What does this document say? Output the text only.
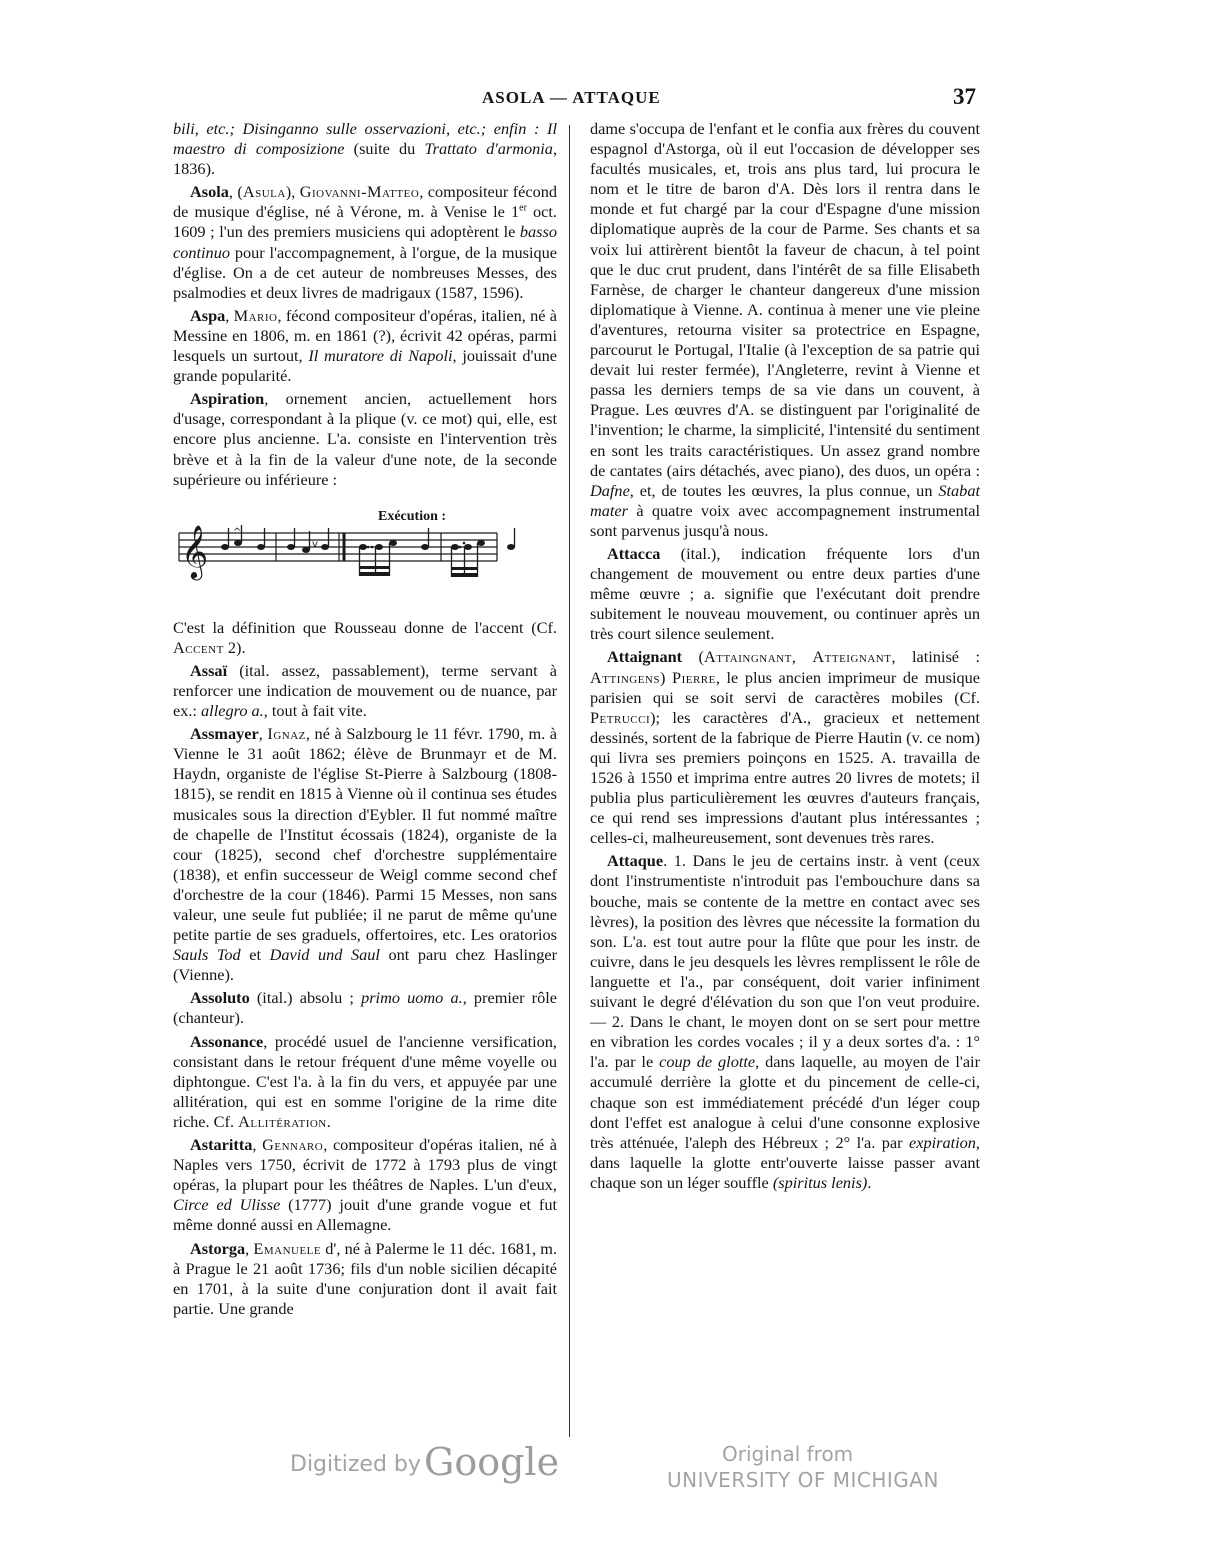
ASOLA — ATTAQUE	37

bili, etc.; Disinganno sulle osservazioni, etc.; enfin : Il maestro di composizione (suite du Trattato d'armonia, 1836).

Asola, (Asula), Giovanni-Matteo, compositeur fécond de musique d'église, né à Vérone, m. à Venise le 1er oct. 1609 ; l'un des premiers musiciens qui adoptèrent le basso continuo pour l'accompagnement, à l'orgue, de la musique d'église. On a de cet auteur de nombreuses Messes, des psalmodies et deux livres de madrigaux (1587, 1596).

Aspa, Mario, fécond compositeur d'opéras, italien, né à Messine en 1806, m. en 1861 (?), écrivit 42 opéras, parmi lesquels un surtout, Il muratore di Napoli, jouissait d'une grande popularité.

Aspiration, ornement ancien, actuellement hors d'usage, correspondant à la plique (v. ce mot) qui, elle, est encore plus ancienne. L'a. consiste en l'intervention très brève et à la fin de la valeur d'une note, de la seconde supérieure ou inférieure :

Exécution :
𝄞 ^
v

C'est la définition que Rousseau donne de l'accent (Cf. Accent 2).

Assaï (ital. assez, passablement), terme servant à renforcer une indication de mouvement ou de nuance, par ex.: allegro a., tout à fait vite.

Assmayer, Ignaz, né à Salzbourg le 11 févr. 1790, m. à Vienne le 31 août 1862; élève de Brunmayr et de M. Haydn, organiste de l'église St-Pierre à Salzbourg (1808-1815), se rendit en 1815 à Vienne où il continua ses études musicales sous la direction d'Eybler. Il fut nommé maître de chapelle de l'Institut écossais (1824), organiste de la cour (1825), second chef d'orchestre supplémentaire (1838), et enfin successeur de Weigl comme second chef d'orchestre de la cour (1846). Parmi 15 Messes, non sans valeur, une seule fut publiée; il ne parut de même qu'une petite partie de ses graduels, offertoires, etc. Les oratorios Sauls Tod et David und Saul ont paru chez Haslinger (Vienne).

Assoluto (ital.) absolu ; primo uomo a., premier rôle (chanteur).

Assonance, procédé usuel de l'ancienne versification, consistant dans le retour fréquent d'une même voyelle ou diphtongue. C'est l'a. à la fin du vers, et appuyée par une allitération, qui est en somme l'origine de la rime dite riche. Cf. Allitération.

Astaritta, Gennaro, compositeur d'opéras italien, né à Naples vers 1750, écrivit de 1772 à 1793 plus de vingt opéras, la plupart pour les théâtres de Naples. L'un d'eux, Circe ed Ulisse (1777) jouit d'une grande vogue et fut même donné aussi en Allemagne.

Astorga, Emanuele d', né à Palerme le 11 déc. 1681, m. à Prague le 21 août 1736; fils d'un noble sicilien décapité en 1701, à la suite d'une conjuration dont il avait fait partie. Une grande

dame s'occupa de l'enfant et le confia aux frères du couvent espagnol d'Astorga, où il eut l'occasion de développer ses facultés musicales, et, trois ans plus tard, lui procura le nom et le titre de baron d'A. Dès lors il rentra dans le monde et fut chargé par la cour d'Espagne d'une mission diplomatique auprès de la cour de Parme. Ses chants et sa voix lui attirèrent bientôt la faveur de chacun, à tel point que le duc crut prudent, dans l'intérêt de sa fille Elisabeth Farnèse, de charger le chanteur dangereux d'une mission diplomatique à Vienne. A. continua à mener une vie pleine d'aventures, retourna visiter sa protectrice en Espagne, parcourut le Portugal, l'Italie (à l'exception de sa patrie qui devait lui rester fermée), l'Angleterre, revint à Vienne et passa les derniers temps de sa vie dans un couvent, à Prague. Les œuvres d'A. se distinguent par l'originalité de l'invention; le charme, la simplicité, l'intensité du sentiment en sont les traits caractéristiques. Un assez grand nombre de cantates (airs détachés, avec piano), des duos, un opéra : Dafne, et, de toutes les œuvres, la plus connue, un Stabat mater à quatre voix avec accompagnement instrumental sont parvenus jusqu'à nous.

Attacca (ital.), indication fréquente lors d'un changement de mouvement ou entre deux parties d'une même œuvre ; a. signifie que l'exécutant doit prendre subitement le nouveau mouvement, ou continuer après un très court silence seulement.

Attaignant (Attaingnant, Atteignant, latinisé : Attingens) Pierre, le plus ancien imprimeur de musique parisien qui se soit servi de caractères mobiles (Cf. Petrucci); les caractères d'A., gracieux et nettement dessinés, sortent de la fabrique de Pierre Hautin (v. ce nom) qui livra ses premiers poinçons en 1525. A. travailla de 1526 à 1550 et imprima entre autres 20 livres de motets; il publia plus particulièrement les œuvres d'auteurs français, ce qui rend ses impressions d'autant plus intéressantes ; celles-ci, malheureusement, sont devenues très rares.

Attaque. 1. Dans le jeu de certains instr. à vent (ceux dont l'instrumentiste n'introduit pas l'embouchure dans sa bouche, mais se contente de la mettre en contact avec ses lèvres), la position des lèvres que nécessite la formation du son. L'a. est tout autre pour la flûte que pour les instr. de cuivre, dans le jeu desquels les lèvres remplissent le rôle de languette et l'a., par conséquent, doit varier infiniment suivant le degré d'élévation du son que l'on veut produire. — 2. Dans le chant, le moyen dont on se sert pour mettre en vibration les cordes vocales ; il y a deux sortes d'a. : 1° l'a. par le coup de glotte, dans laquelle, au moyen de l'air accumulé derrière la glotte et du pincement de celle-ci, chaque son est immédiatement précédé d'un léger coup dont l'effet est analogue à celui d'une consonne explosive très atténuée, l'aleph des Hébreux ; 2° l'a. par expiration, dans laquelle la glotte entr'ouverte laisse passer avant chaque son un léger souffle (spiritus lenis).

Digitized by Google	Original from
UNIVERSITY OF MICHIGAN
